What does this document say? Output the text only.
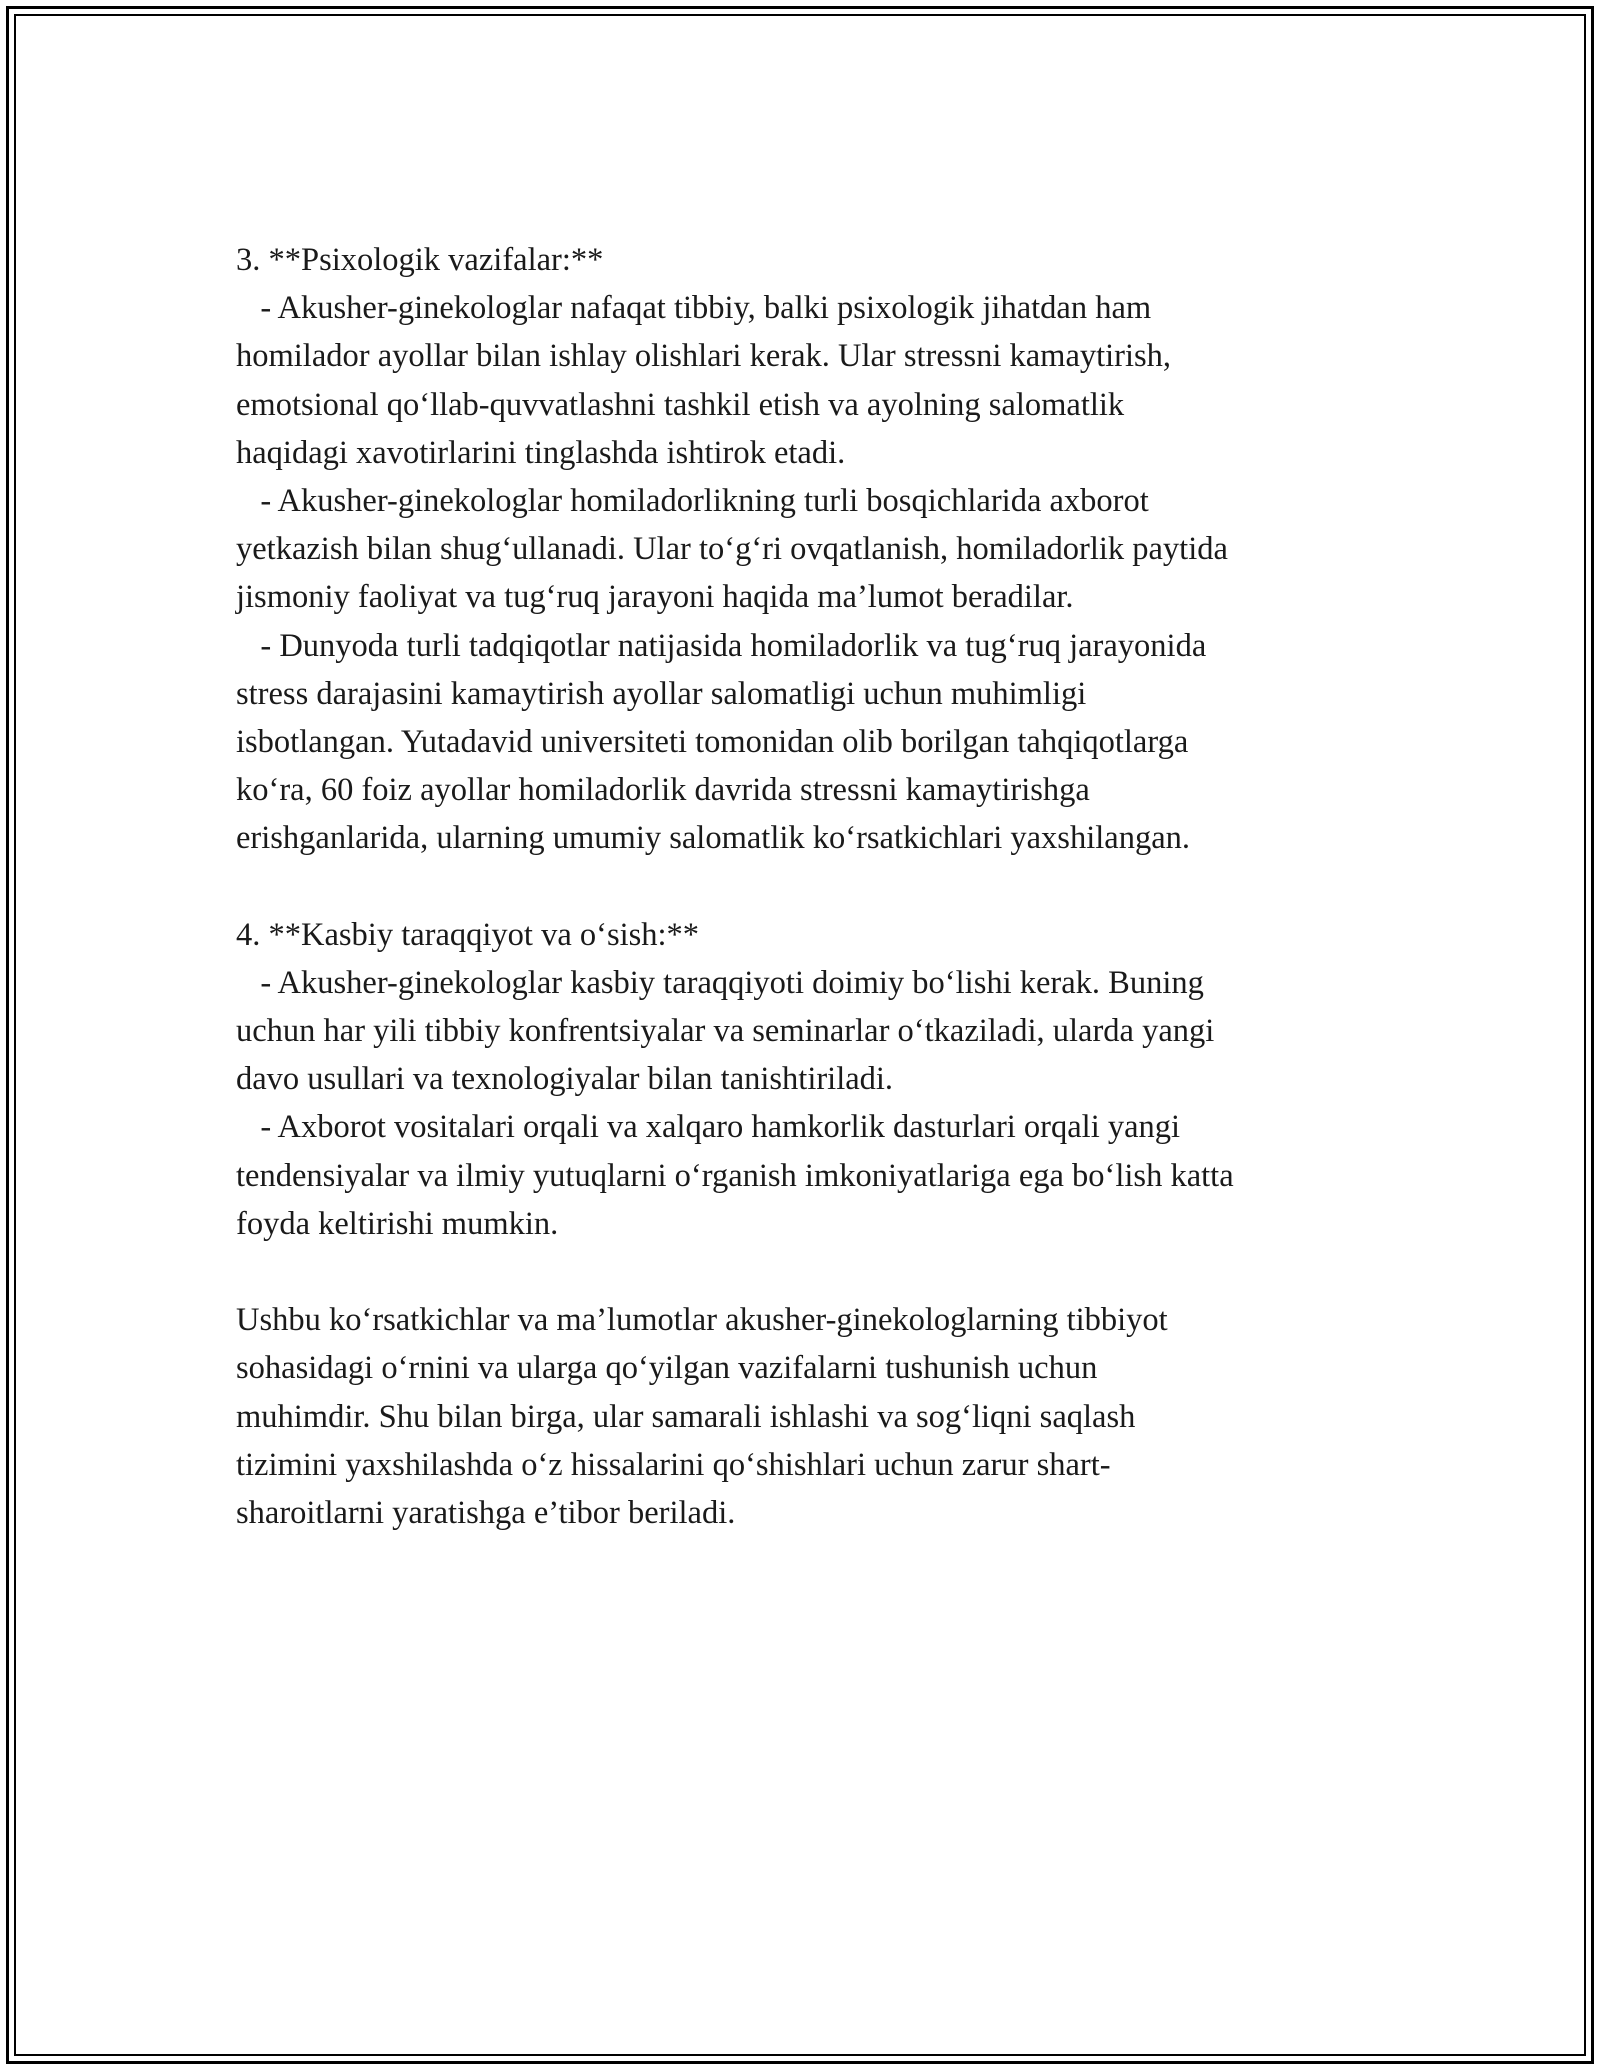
3. **Psixologik vazifalar:**
- Akusher-ginekologlar nafaqat tibbiy, balki psixologik jihatdan ham
homilador ayollar bilan ishlay olishlari kerak. Ular stressni kamaytirish,
emotsional qo‘llab-quvvatlashni tashkil etish va ayolning salomatlik
haqidagi xavotirlarini tinglashda ishtirok etadi.
- Akusher-ginekologlar homiladorlikning turli bosqichlarida axborot
yetkazish bilan shug‘ullanadi. Ular to‘g‘ri ovqatlanish, homiladorlik paytida
jismoniy faoliyat va tug‘ruq jarayoni haqida ma’lumot beradilar.
- Dunyoda turli tadqiqotlar natijasida homiladorlik va tug‘ruq jarayonida
stress darajasini kamaytirish ayollar salomatligi uchun muhimligi
isbotlangan. Yutadavid universiteti tomonidan olib borilgan tahqiqotlarga
ko‘ra, 60 foiz ayollar homiladorlik davrida stressni kamaytirishga
erishganlarida, ularning umumiy salomatlik ko‘rsatkichlari yaxshilangan.
4. **Kasbiy taraqqiyot va o‘sish:**
- Akusher-ginekologlar kasbiy taraqqiyoti doimiy bo‘lishi kerak. Buning
uchun har yili tibbiy konfrentsiyalar va seminarlar o‘tkaziladi, ularda yangi
davo usullari va texnologiyalar bilan tanishtiriladi.
- Axborot vositalari orqali va xalqaro hamkorlik dasturlari orqali yangi
tendensiyalar va ilmiy yutuqlarni o‘rganish imkoniyatlariga ega bo‘lish katta
foyda keltirishi mumkin.
Ushbu ko‘rsatkichlar va ma’lumotlar akusher-ginekologlarning tibbiyot
sohasidagi o‘rnini va ularga qo‘yilgan vazifalarni tushunish uchun
muhimdir. Shu bilan birga, ular samarali ishlashi va sog‘liqni saqlash
tizimini yaxshilashda o‘z hissalarini qo‘shishlari uchun zarur shart-
sharoitlarni yaratishga e’tibor beriladi.
